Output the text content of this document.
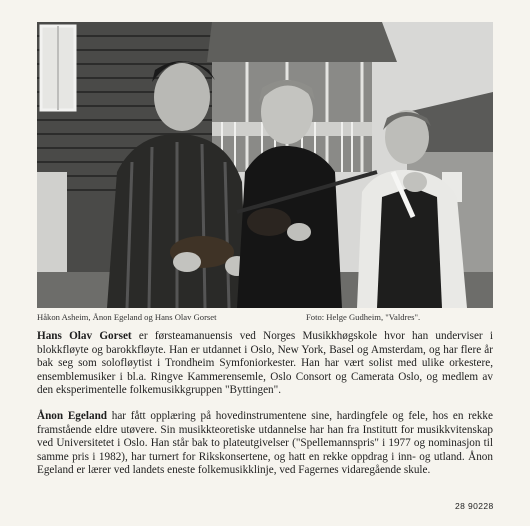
Håkon Asheim, Ånon Egeland og Hans Olav Gorset	Foto: Helge Gudheim, "Valdres".

Hans Olav Gorset er førsteamanuensis ved Norges Musikkhøgskole hvor han underviser i blokkfløyte og barokkfløyte. Han er utdannet i Oslo, New York, Basel og Amsterdam, og har flere år bak seg som solofløytist i Trondheim Symfoniorkester. Han har vært solist med ulike orkestere, ensemblemusiker i bl.a. Ringve Kammerensemle, Oslo Consort og Camerata Oslo, og medlem av den eksperimentelle folkemusikkgruppen "Byttingen".

Ånon Egeland har fått opplæring på hovedinstrumentene sine, hardingfele og fele, hos en rekke framstående eldre utøvere. Sin musikkteoretiske utdannelse har han fra Institutt for musikkvitenskap ved Universitetet i Oslo. Han står bak to plateutgivelser ("Spellemannspris" i 1977 og nominasjon til samme pris i 1982), har turnert for Rikskonsertene, og hatt en rekke oppdrag i inn- og utland. Ånon Egeland er lærer ved landets eneste folkemusikklinje, ved Fagernes vidaregående skule.

28 90228
